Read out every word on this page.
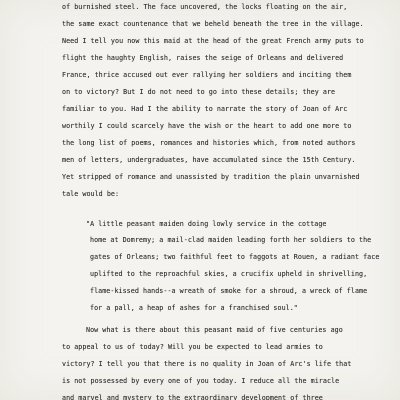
of burnished steel. The face uncovered, the locks floating on the air,

the same exact countenance that we beheld beneath the tree in the village.

Need I tell you now this maid at the head of the great French army puts to

flight the haughty English, raises the seige of Orleans and delivered

France, thrice accused out ever rallying her soldiers and inciting them

on to victory? But I do not need to go into these details; they are

familiar to you. Had I the ability to narrate the story of Joan of Arc

worthily I could scarcely have the wish or the heart to add one more to

the long list of poems, romances and histories which, from noted authors

men of letters, undergraduates, have accumulated since the 15th Century.

Yet stripped of romance and unassisted by tradition the plain unvarnished

tale would be:

"A little peasant maiden doing lowly service in the cottage

home at Domremy; a mail-clad maiden leading forth her soldiers to the

gates of Orleans; two faithful feet to faggots at Rouen, a radiant face

uplifted to the reproachful skies, a crucifix upheld in shrivelling,

flame-kissed hands--a wreath of smoke for a shroud, a wreck of flame

for a pall, a heap of ashes for a franchised soul."

Now what is there about this peasant maid of five centuries ago

to appeal to us of today? Will you be expected to lead armies to

victory? I tell you that there is no quality in Joan of Arc's life that

is not possessed by every one of you today. I reduce all the miracle

and marvel and mystery to the extraordinary development of three
